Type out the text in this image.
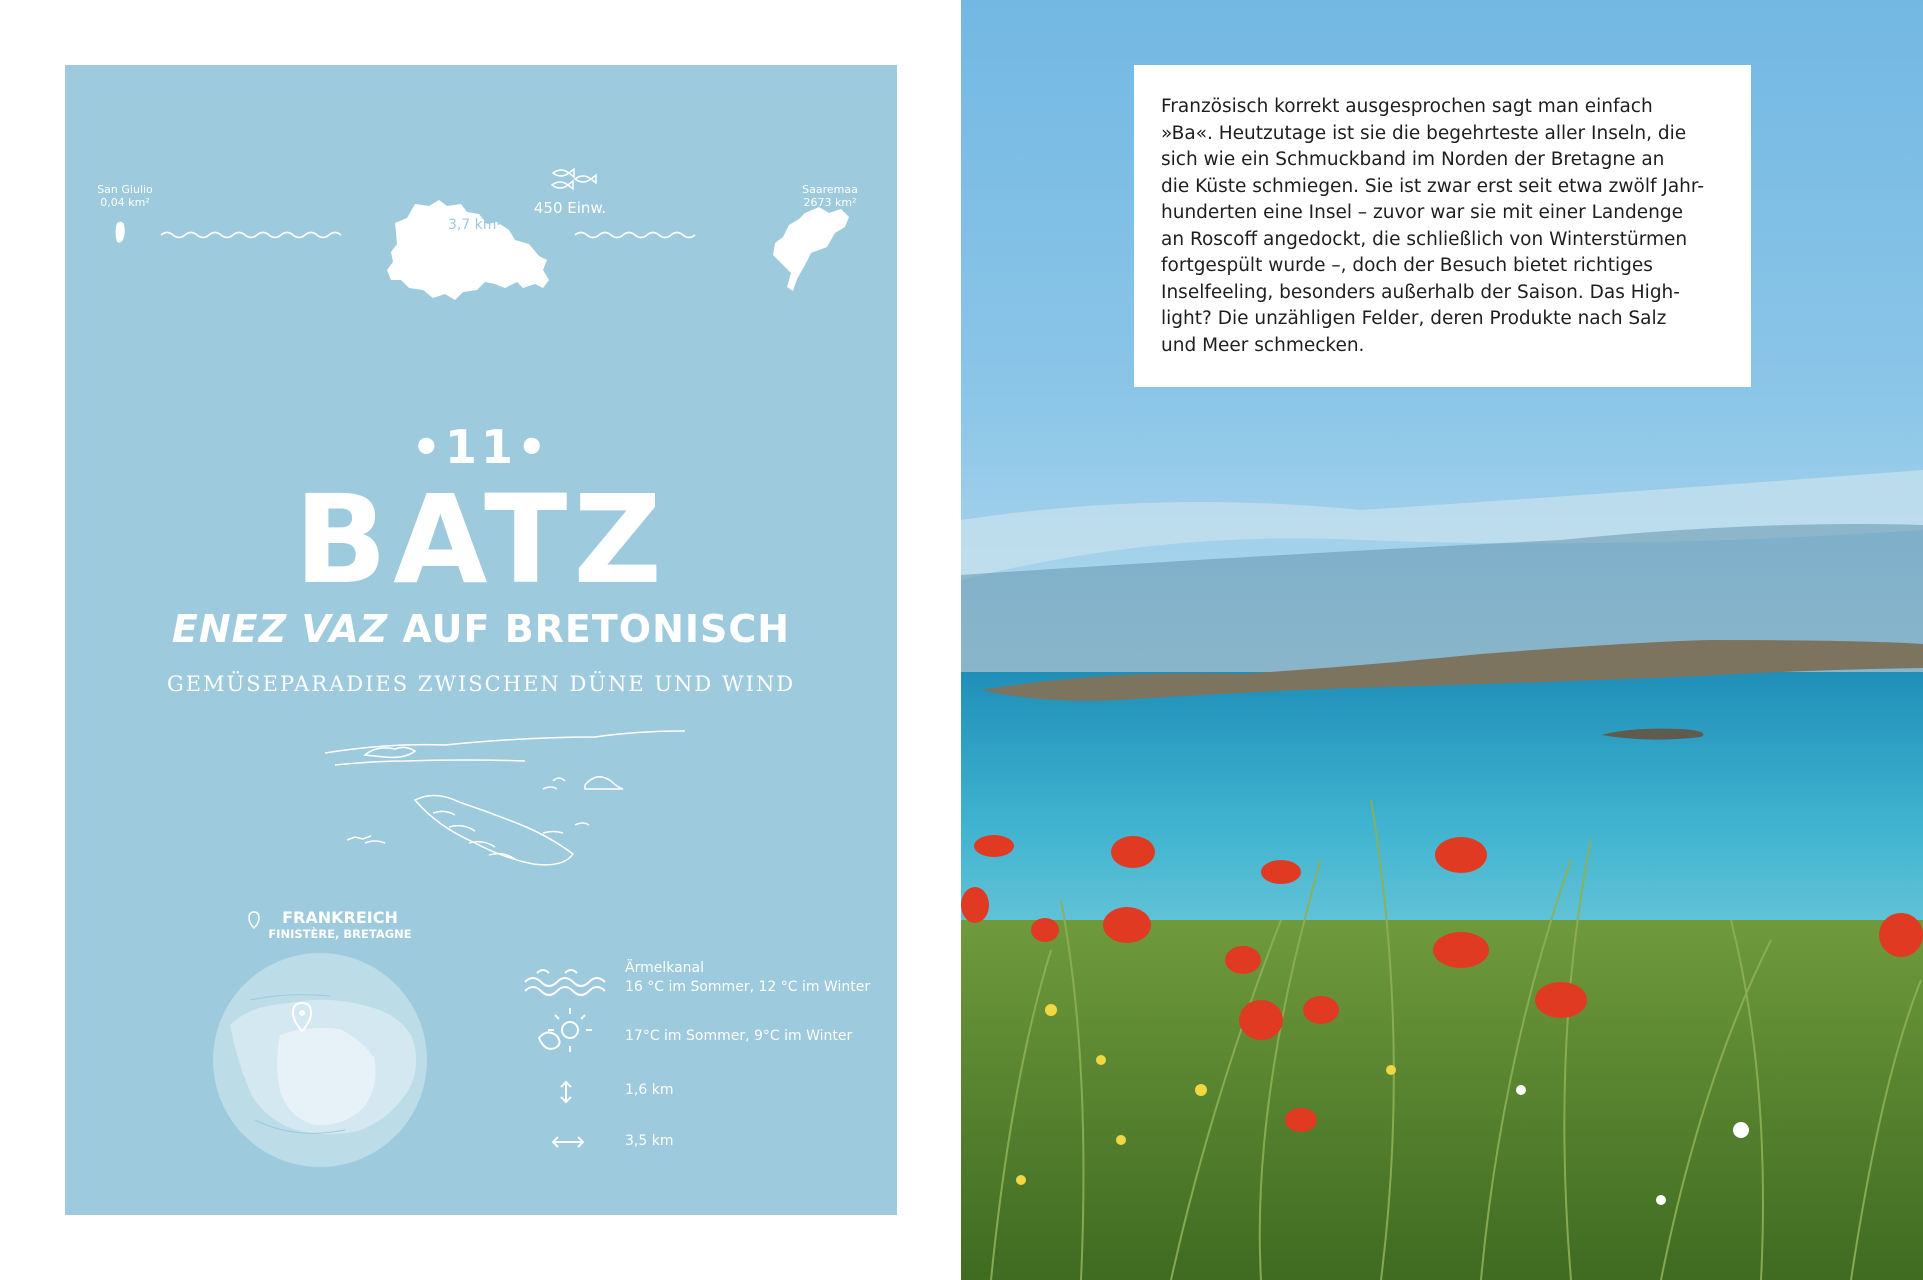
San Giulio
0,04 km²
3,7 km²
450 Einw.
Saaremaa
2673 km²
•11•
BATZ
ENEZ VAZ AUF BRETONISCH
GEMÜSEPARADIES ZWISCHEN DÜNE UND WIND
FRANKREICH
FINISTÈRE, BRETAGNE
Ärmelkanal
16 °C im Sommer, 12 °C im Winter
17°C im Sommer, 9°C im Winter
1,6 km
3,5 km

Französisch korrekt ausgesprochen sagt man einfach
»Ba«. Heutzutage ist sie die begehrteste aller Inseln, die
sich wie ein Schmuckband im Norden der Bretagne an
die Küste schmiegen. Sie ist zwar erst seit etwa zwölf Jahr-
hunderten eine Insel – zuvor war sie mit einer Landenge
an Roscoff angedockt, die schließlich von Winterstürmen
fortgespült wurde –, doch der Besuch bietet richtiges
Inselfeeling, besonders außerhalb der Saison. Das High-
light? Die unzähligen Felder, deren Produkte nach Salz
und Meer schmecken.
